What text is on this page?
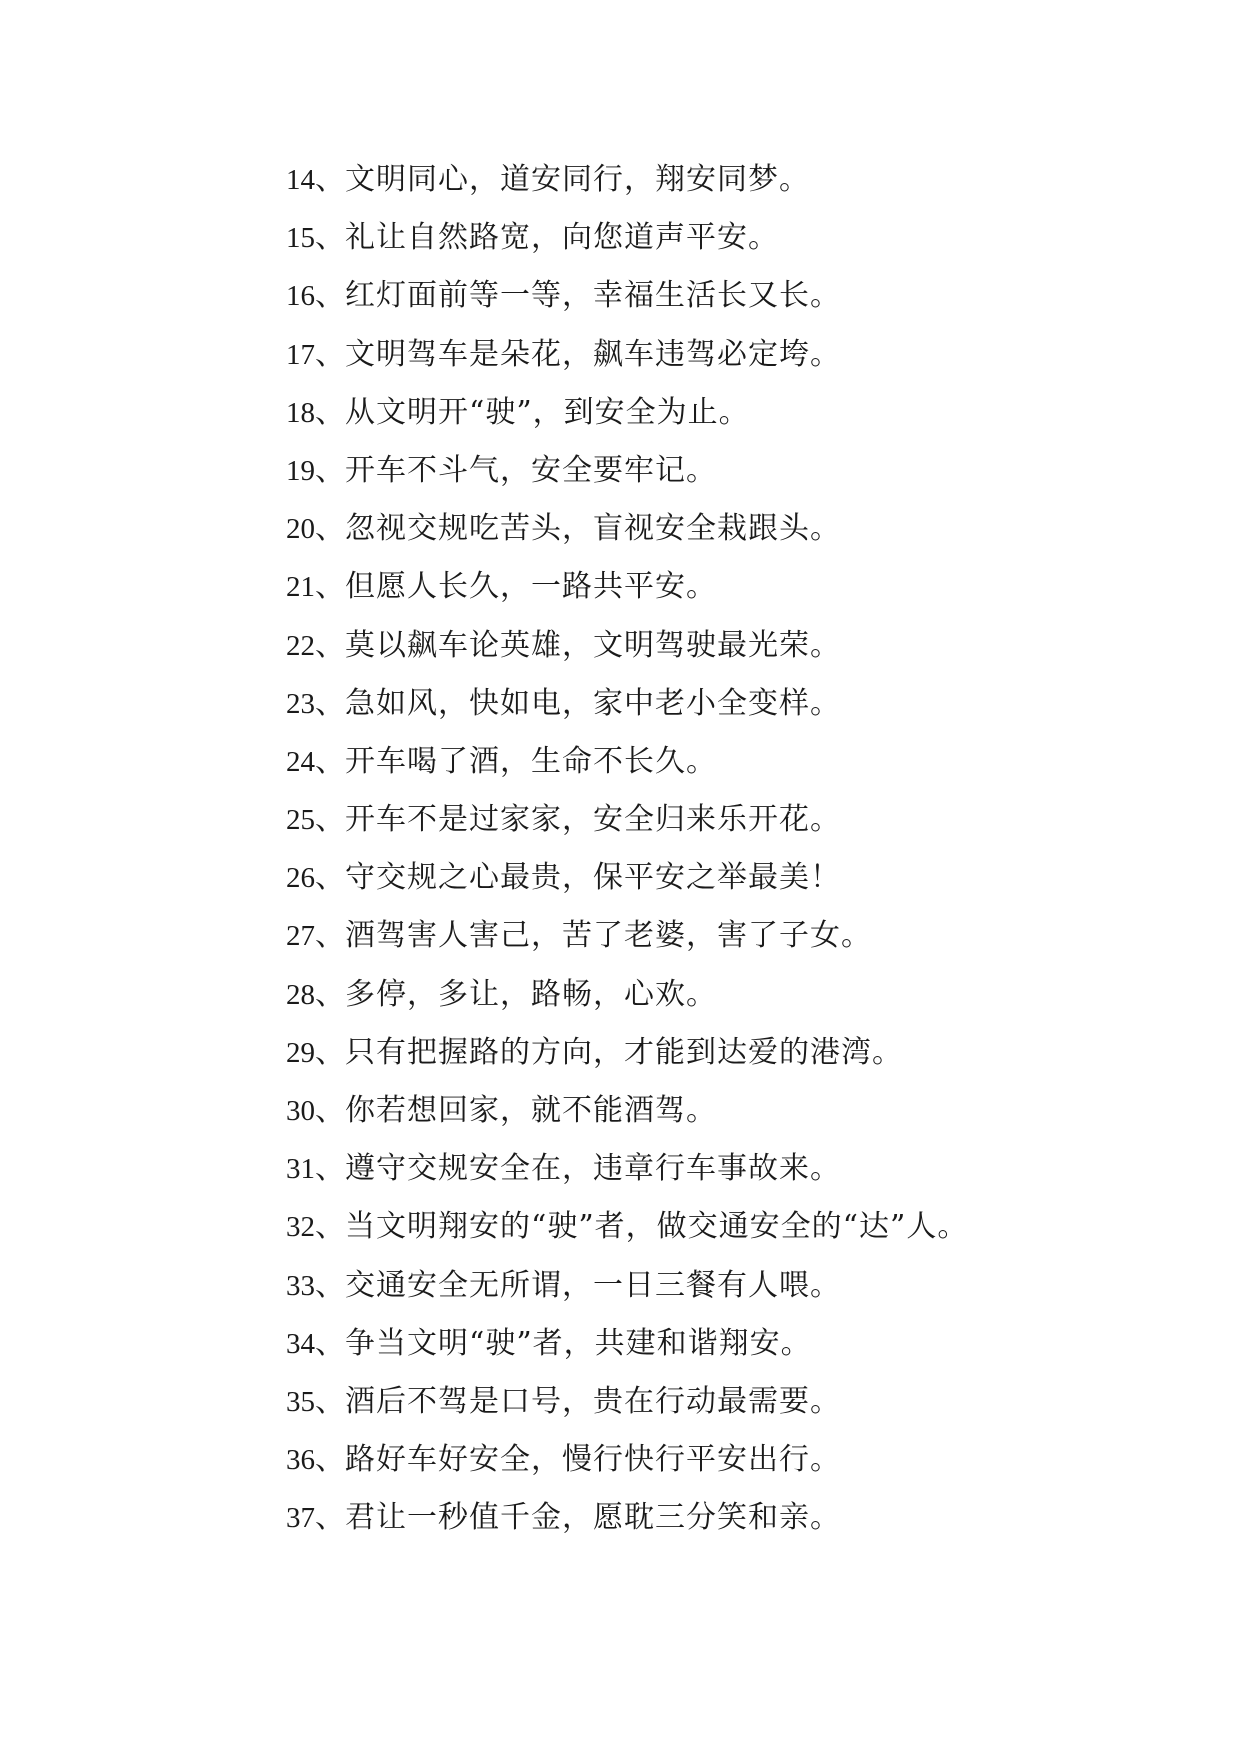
14、文明同心，道安同行，翔安同梦。
15、礼让自然路宽，向您道声平安。
16、红灯面前等一等，幸福生活长又长。
17、文明驾车是朵花，飙车违驾必定垮。
18、从文明开“驶”，到安全为止。
19、开车不斗气，安全要牢记。
20、忽视交规吃苦头，盲视安全栽跟头。
21、但愿人长久，一路共平安。
22、莫以飙车论英雄，文明驾驶最光荣。
23、急如风，快如电，家中老小全变样。
24、开车喝了酒，生命不长久。
25、开车不是过家家，安全归来乐开花。
26、守交规之心最贵，保平安之举最美！
27、酒驾害人害己，苦了老婆，害了子女。
28、多停，多让，路畅，心欢。
29、只有把握路的方向，才能到达爱的港湾。
30、你若想回家，就不能酒驾。
31、遵守交规安全在，违章行车事故来。
32、当文明翔安的“驶”者，做交通安全的“达”人。
33、交通安全无所谓，一日三餐有人喂。
34、争当文明“驶”者，共建和谐翔安。
35、酒后不驾是口号，贵在行动最需要。
36、路好车好安全，慢行快行平安出行。
37、君让一秒值千金，愿耽三分笑和亲。
